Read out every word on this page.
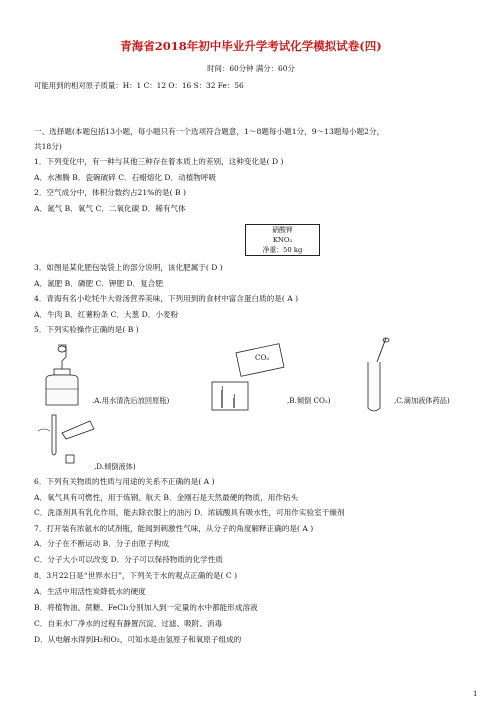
青海省2018年初中毕业升学考试化学模拟试卷(四)
时间：60分钟 满分：60分
可能用到的相对原子质量：H：1 C：12 O：16 S：32 Fe：56
一、选择题(本题包括13小题，每小题只有一个选项符合题意，1～8题每小题1分，9～13题每小题2分，
共18分)
1．下列变化中，有一种与其他三种存在着本质上的差别，这种变化是( D )
A．水沸腾 B．瓷碗破碎 C．石蜡熔化 D．动植物呼吸
2．空气成分中，体积分数约占21%的是( B )
A．氮气 B．氧气 C．二氧化碳 D．稀有气体
硝酸钾
KNO₃
净重：50 kg
3．如图是某化肥包装袋上的部分说明，该化肥属于( D )
A．氮肥 B．磷肥 C．钾肥 D．复合肥
4．青海有名小吃牦牛大骨汤营养美味，下列用到的食材中富含蛋白质的是( A )
A．牛肉 B．红薯粉条 C．大葱 D．小麦粉
5．下列实验操作正确的是( B )
.A.用水清洗后放回原瓶)
CO₂
,B.倾倒 CO₂)	,C.滴加液体药品)
,D.倾倒液体)
6．下列有关物质的性质与用途的关系不正确的是( A )
A．氧气具有可燃性，用于炼钢、航天 B．金刚石是天然最硬的物质，用作钻头
C．洗涤剂具有乳化作用，能去除衣服上的油污 D．浓硫酸具有吸水性，可用作实验室干燥剂
7．打开装有浓氨水的试剂瓶，能闻到刺激性气味，从分子的角度解释正确的是( A )
A．分子在不断运动 B．分子由原子构成
C．分子大小可以改变 D．分子可以保持物质的化学性质
8．3月22日是“世界水日”，下列关于水的观点正确的是( C )
A．生活中用活性炭降低水的硬度
B．将植物油、蔗糖、FeCl₃分别加入到一定量的水中都能形成溶液
C．自来水厂净水的过程有静置沉淀、过滤、吸附、消毒
D．从电解水得到H₂和O₂，可知水是由氢原子和氧原子组成的
1
